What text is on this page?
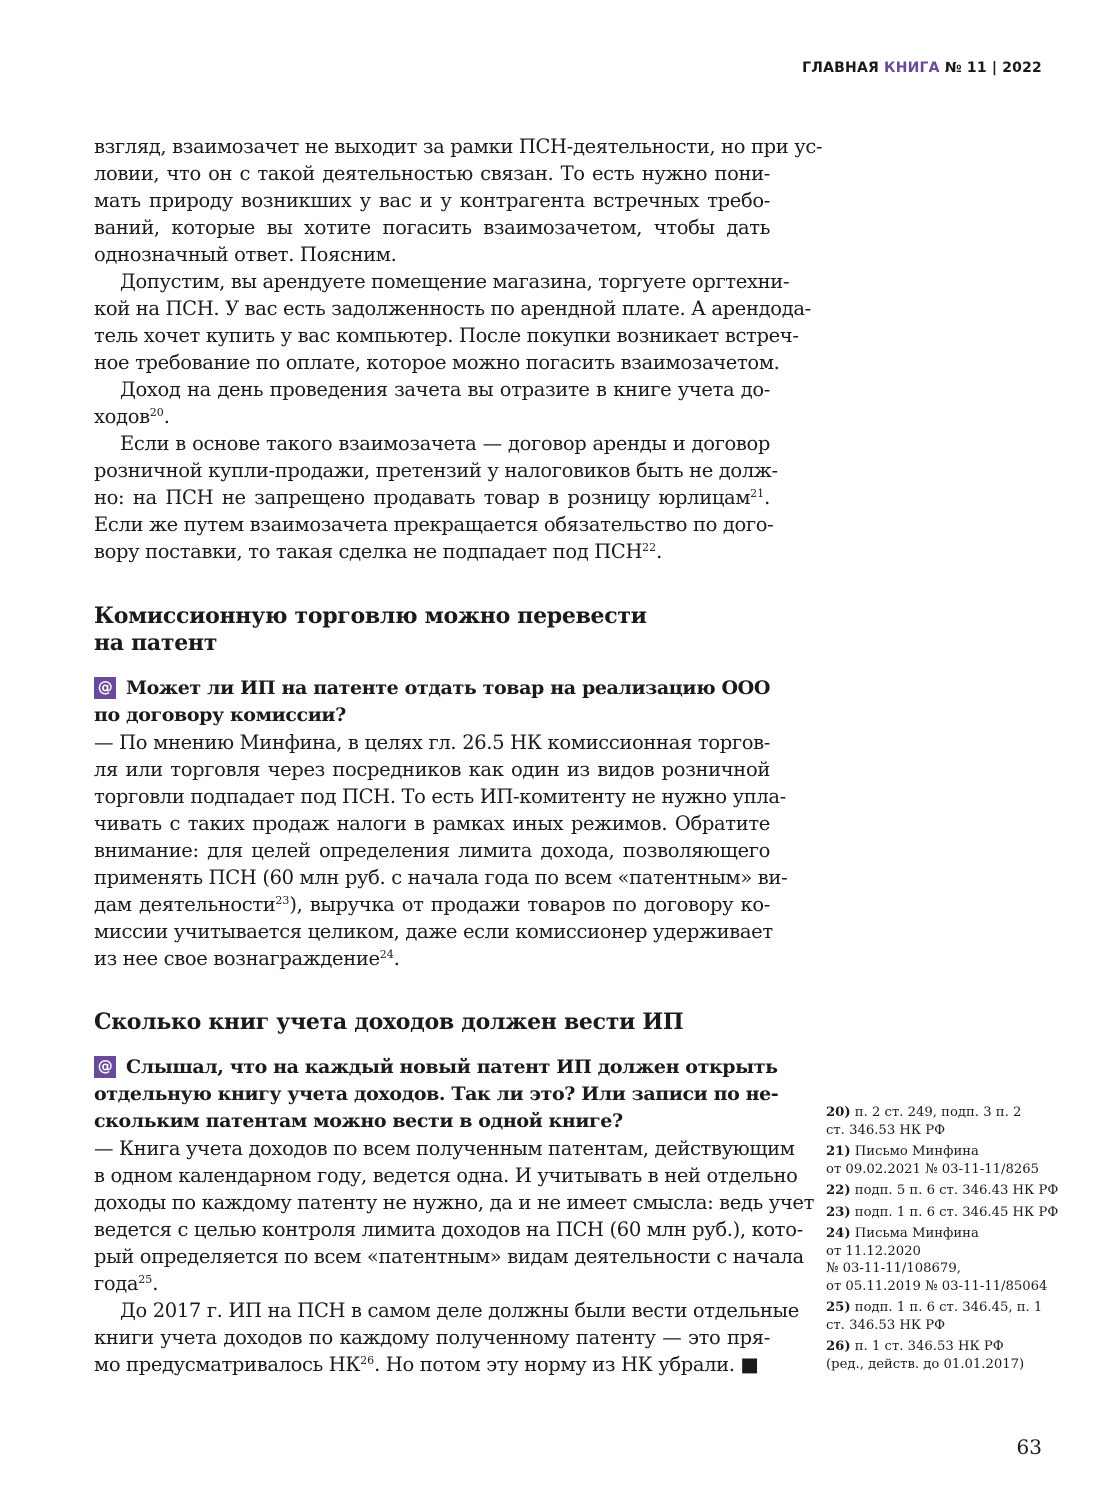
ГЛАВНАЯ КНИГА № 11 | 2022
взгляд, взаимозачет не выходит за рамки ПСН-деятельности, но при ус-
ловии, что он с такой деятельностью связан. То есть нужно пони-
мать природу возникших у вас и у контрагента встречных требо-
ваний, которые вы хотите погасить взаимозачетом, чтобы дать
однозначный ответ. Поясним.
Допустим, вы арендуете помещение магазина, торгуете оргтехни-
кой на ПСН. У вас есть задолженность по арендной плате. А арендода-
тель хочет купить у вас компьютер. После покупки возникает встреч-
ное требование по оплате, которое можно погасить взаимозачетом.
Доход на день проведения зачета вы отразите в книге учета до-
ходов$^{20}$.
Если в основе такого взаимозачета — договор аренды и договор
розничной купли-продажи, претензий у налоговиков быть не долж-
но: на ПСН не запрещено продавать товар в розницу юрлицам$^{21}$.
Если же путем взаимозачета прекращается обязательство по дого-
вору поставки, то такая сделка не подпадает под ПСН$^{22}$.
Комиссионную торговлю можно перевести
на патент
@ Может ли ИП на патенте отдать товар на реализацию ООО
по договору комиссии?
— По мнению Минфина, в целях гл. 26.5 НК комиссионная торгов-
ля или торговля через посредников как один из видов розничной
торговли подпадает под ПСН. То есть ИП-комитенту не нужно упла-
чивать с таких продаж налоги в рамках иных режимов. Обратите
внимание: для целей определения лимита дохода, позволяющего
применять ПСН (60 млн руб. с начала года по всем «патентным» ви-
дам деятельности$^{23}$), выручка от продажи товаров по договору ко-
миссии учитывается целиком, даже если комиссионер удерживает
из нее свое вознаграждение$^{24}$.
Сколько книг учета доходов должен вести ИП
@ Слышал, что на каждый новый патент ИП должен открыть
отдельную книгу учета доходов. Так ли это? Или записи по не-
скольким патентам можно вести в одной книге?
— Книга учета доходов по всем полученным патентам, действующим
в одном календарном году, ведется одна. И учитывать в ней отдельно
доходы по каждому патенту не нужно, да и не имеет смысла: ведь учет
ведется с целью контроля лимита доходов на ПСН (60 млн руб.), кото-
рый определяется по всем «патентным» видам деятельности с начала
года$^{25}$.
До 2017 г. ИП на ПСН в самом деле должны были вести отдельные
книги учета доходов по каждому полученному патенту — это пря-
мо предусматривалось НК$^{26}$. Но потом эту норму из НК убрали. ■
20) п. 2 ст. 249, подп. 3 п. 2
ст. 346.53 НК РФ
21) Письмо Минфина
от 09.02.2021 № 03-11-11/8265
22) подп. 5 п. 6 ст. 346.43 НК РФ
23) подп. 1 п. 6 ст. 346.45 НК РФ
24) Письма Минфина
от 11.12.2020
№ 03-11-11/108679,
от 05.11.2019 № 03-11-11/85064
25) подп. 1 п. 6 ст. 346.45, п. 1
ст. 346.53 НК РФ
26) п. 1 ст. 346.53 НК РФ
(ред., действ. до 01.01.2017)
63
